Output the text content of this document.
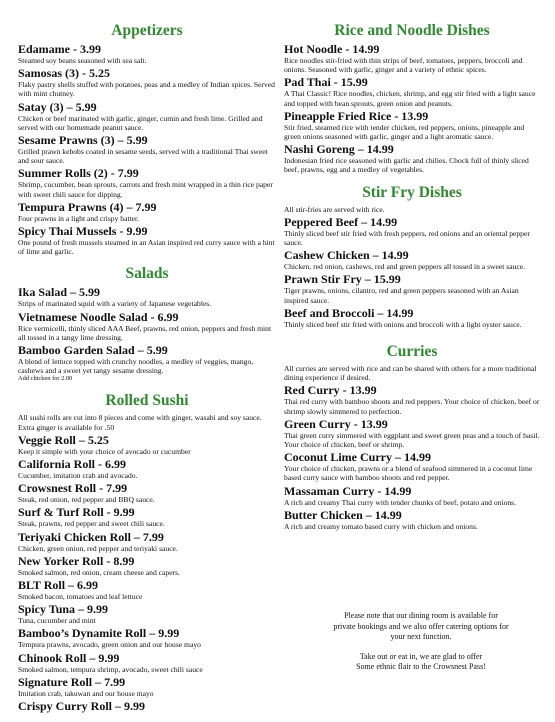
Appetizers
Edamame - 3.99
Steamed soy beans seasoned with sea salt.
Samosas (3) - 5.25
Flaky pastry shells stuffed with potatoes, peas and a medley of Indian spices. Served with mint chutney.
Satay (3) – 5.99
Chicken or beef marinated with garlic, ginger, cumin and fresh lime. Grilled and served with our homemade peanut sauce.
Sesame Prawns (3) – 5.99
Grilled prawn kebobs coated in sesame seeds, served with a traditional Thai sweet and sour sauce.
Summer Rolls (2) - 7.99
Shrimp, cucumber, bean sprouts, carrots and fresh mint wrapped in a thin rice paper with sweet chili sauce for dipping.
Tempura Prawns (4) – 7.99
Four prawns in a light and crispy batter.
Spicy Thai Mussels - 9.99
One pound of fresh mussels steamed in an Asian inspired red curry sauce with a hint of lime and garlic.
Salads
Ika Salad – 5.99
Strips of marinated squid with a variety of Japanese vegetables.
Vietnamese Noodle Salad - 6.99
Rice vermicelli, thinly sliced AAA Beef, prawns, red onion, peppers and fresh mint all tossed in a tangy lime dressing.
Bamboo Garden Salad – 5.99
A blend of lettuce topped with crunchy noodles, a medley of veggies, mango, cashews and a sweet yet tangy sesame dressing.
Add chicken for 2.00
Rolled Sushi
All sushi rolls are cut into 8 pieces and come with ginger, wasabi and soy sauce. Extra ginger is available for .50
Veggie Roll – 5.25
Keep it simple with your choice of avocado or cucumber
California Roll - 6.99
Cucumber, imitation crab and avocado.
Crowsnest Roll - 7.99
Steak, red onion, red pepper and BBQ sauce.
Surf & Turf Roll - 9.99
Steak, prawns, red pepper and sweet chili sauce.
Teriyaki Chicken Roll – 7.99
Chicken, green onion, red pepper and teriyaki sauce.
New Yorker Roll - 8.99
Smoked salmon, red onion, cream cheese and capers.
BLT Roll – 6.99
Smoked bacon, tomatoes and leaf lettuce
Spicy Tuna – 9.99
Tuna, cucumber and mint
Bamboo’s Dynamite Roll – 9.99
Tempura prawns, avocado, green onion and our house mayo
Chinook Roll – 9.99
Smoked salmon, tempura shrimp, avocado, sweet chili sauce
Signature Roll – 7.99
Imitation crab, takuwan and our house mayo
Crispy Curry Roll – 9.99
Rice and Noodle Dishes
Hot Noodle - 14.99
Rice noodles stir-fried with thin strips of beef, tomatoes, peppers, broccoli and onions. Seasoned with garlic, ginger and a variety of ethnic spices.
Pad Thai - 15.99
A Thai Classic! Rice noodles, chicken, shrimp, and egg stir fried with a light sauce and topped with bean sprouts, green onion and peanuts.
Pineapple Fried Rice - 13.99
Stir fried, steamed rice with tender chicken, red peppers, onions, pineapple and green onions seasoned with garlic, ginger and a light aromatic sauce.
Nashi Goreng – 14.99
Indonesian fried rice seasoned with garlic and chilies. Chock full of thinly sliced beef, prawns, egg and a medley of vegetables.
Stir Fry Dishes
All stir-fries are served with rice.
Peppered Beef – 14.99
Thinly sliced beef stir fried with fresh peppers, red onions and an oriental pepper sauce.
Cashew Chicken – 14.99
Chicken, red onion, cashews, red and green peppers all tossed in a sweet sauce.
Prawn Stir Fry – 15.99
Tiger prawns, onions, cilantro, red and green peppers seasoned with an Asian inspired sauce.
Beef and Broccoli – 14.99
Thinly sliced beef stir fried with onions and broccoli with a light oyster sauce.
Curries
All curries are served with rice and can be shared with others for a more traditional dining experience if desired.
Red Curry - 13.99
Thai red curry with bamboo shoots and red peppers. Your choice of chicken, beef or shrimp slowly simmered to perfection.
Green Curry - 13.99
Thai green curry simmered with eggplant and sweet green peas and a touch of basil. Your choice of chicken, beef or shrimp.
Coconut Lime Curry – 14.99
Your choice of chicken, prawns or a blend of seafood simmered in a coconut lime based curry sauce with bamboo shoots and red pepper.
Massaman Curry - 14.99
A rich and creamy Thai curry with tender chunks of beef, potato and onions.
Butter Chicken – 14.99
A rich and creamy tomato based curry with chicken and onions.
Please note that our dining room is available for
private bookings and we also offer catering options for
your next function.
Take out or eat in, we are glad to offer
Some ethnic flair to the Crowsnest Pass!
